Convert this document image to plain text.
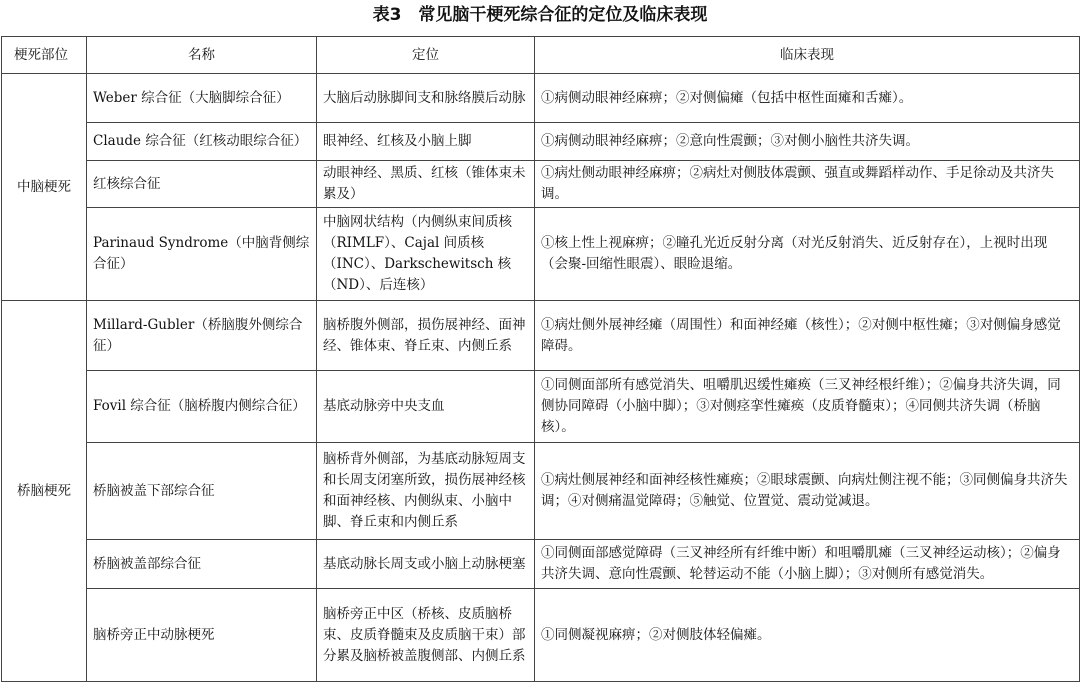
表3　常见脑干梗死综合征的定位及临床表现
梗死部位	名称	定位	临床表现
中脑梗死	Weber 综合征（大脑脚综合征）	大脑后动脉脚间支和脉络膜后动脉	①病侧动眼神经麻痹；②对侧偏瘫（包括中枢性面瘫和舌瘫）。
	Claude 综合征（红核动眼综合征）	眼神经、红核及小脑上脚	①病侧动眼神经麻痹；②意向性震颤；③对侧小脑性共济失调。
	红核综合征	动眼神经、黑质、红核（锥体束未累及）	①病灶侧动眼神经麻痹；②病灶对侧肢体震颤、强直或舞蹈样动作、手足徐动及共济失调。
	Parinaud Syndrome（中脑背侧综合征）	中脑网状结构（内侧纵束间质核（RIMLF）、Cajal 间质核（INC）、Darkschewitsch 核（ND）、后连核）	①核上性上视麻痹；②瞳孔光近反射分离（对光反射消失、近反射存在），上视时出现（会聚-回缩性眼震）、眼睑退缩。
桥脑梗死	Millard-Gubler（桥脑腹外侧综合征）	脑桥腹外侧部，损伤展神经、面神经、锥体束、脊丘束、内侧丘系	①病灶侧外展神经瘫（周围性）和面神经瘫（核性）；②对侧中枢性瘫；③对侧偏身感觉障碍。
	Fovil 综合征（脑桥腹内侧综合征）	基底动脉旁中央支血	①同侧面部所有感觉消失、咀嚼肌迟缓性瘫痪（三叉神经根纤维）；②偏身共济失调，同侧协同障碍（小脑中脚）；③对侧痉挛性瘫痪（皮质脊髓束）；④同侧共济失调（桥脑核）。
	桥脑被盖下部综合征	脑桥背外侧部，为基底动脉短周支和长周支闭塞所致，损伤展神经核和面神经核、内侧纵束、小脑中脚、脊丘束和内侧丘系	①病灶侧展神经和面神经核性瘫痪；②眼球震颤、向病灶侧注视不能；③同侧偏身共济失调；④对侧痛温觉障碍；⑤触觉、位置觉、震动觉减退。
	桥脑被盖部综合征	基底动脉长周支或小脑上动脉梗塞	①同侧面部感觉障碍（三叉神经所有纤维中断）和咀嚼肌瘫（三叉神经运动核）；②偏身共济失调、意向性震颤、轮替运动不能（小脑上脚）；③对侧所有感觉消失。
	脑桥旁正中动脉梗死	脑桥旁正中区（桥核、皮质脑桥束、皮质脊髓束及皮质脑干束）部分累及脑桥被盖腹侧部、内侧丘系	①同侧凝视麻痹；②对侧肢体轻偏瘫。
